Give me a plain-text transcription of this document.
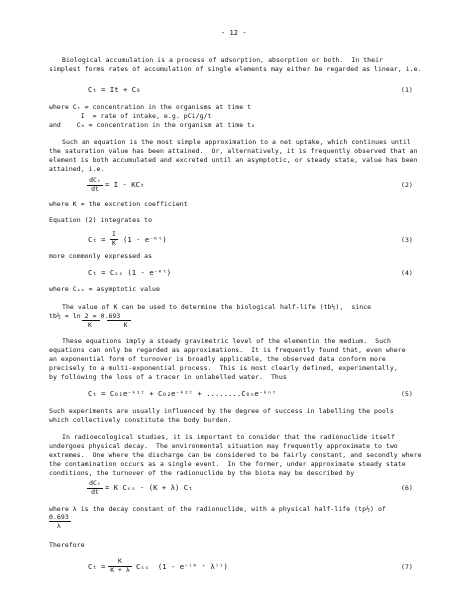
- 12 -
Biological accumulation is a process of adsorption, absorption or both.  In their
simplest forms rates of accumulation of single elements may either be regarded as linear, i.e.
Cₜ = It + C₀	(1)
where Cₜ = concentration in the organisms at time t
I  = rate of intake, e.g. pCi/g/t
and    C₀ = concentration in the organism at time t₀
Such an equation is the most simple approximation to a net uptake, which continues until
the saturation value has been attained.  Or, alternatively, it is frequently observed that an
element is both accumulated and excreted until an asymptotic, or steady state, value has been
attained, i.e.
dCₜ
dt = I - KCₜ	(2)
where K = the excretion coefficient
Equation (2) integrates to
Cₜ =
I
K (1 - e⁻ᴷᵗ)	(3)
more commonly expressed as
Cₜ = Cₛₛ (1 - e⁻ᴷᵗ)	(4)
where Cₛₛ = asymptotic value
The value of K can be used to determine the biological half-life (tb½),  since
tb½ = ln 2 = 0.693
K        K
These equations imply a steady gravimetric level of the elementin the medium.  Such
equations can only be regarded as approximations.  It is frequently found that, even where
an exponential form of turnover is broadly applicable, the observed data conform more
precisely to a multi-exponential process.  This is most clearly defined, experimentally,
by following the loss of a tracer in unlabelled water.  Thus
Cₜ = C₀₁e⁻ᵏ¹ᵗ + C₀₂e⁻ᵏ²ᵗ + ........C₀ₙe⁻ᵏⁿᵗ	(5)
Such experiments are usually influenced by the degree of success in labelling the pools
which collectively constitute the body burden.
In radioecological studies, it is important to consider that the radionuclide itself
undergoes physical decay.  The environmental situation may frequently approximate to two
extremes.  One where the discharge can be considered to be fairly constant, and secondly where
the contamination occurs as a single event.  In the former, under approximate steady state
conditions, the turnover of the radionuclide by the biota may be described by
dCₜ
dt = K Cₛₛ - (K + λ) Cₜ	(6)
where λ is the decay constant of the radionuclide, with a physical half-life (tp½) of
0.693
λ
Therefore
Cₜ =
K
K + λ Cₛₛ  (1 - e⁻⁽ᴷ ⁺ λ⁾ᵗ)	(7)
